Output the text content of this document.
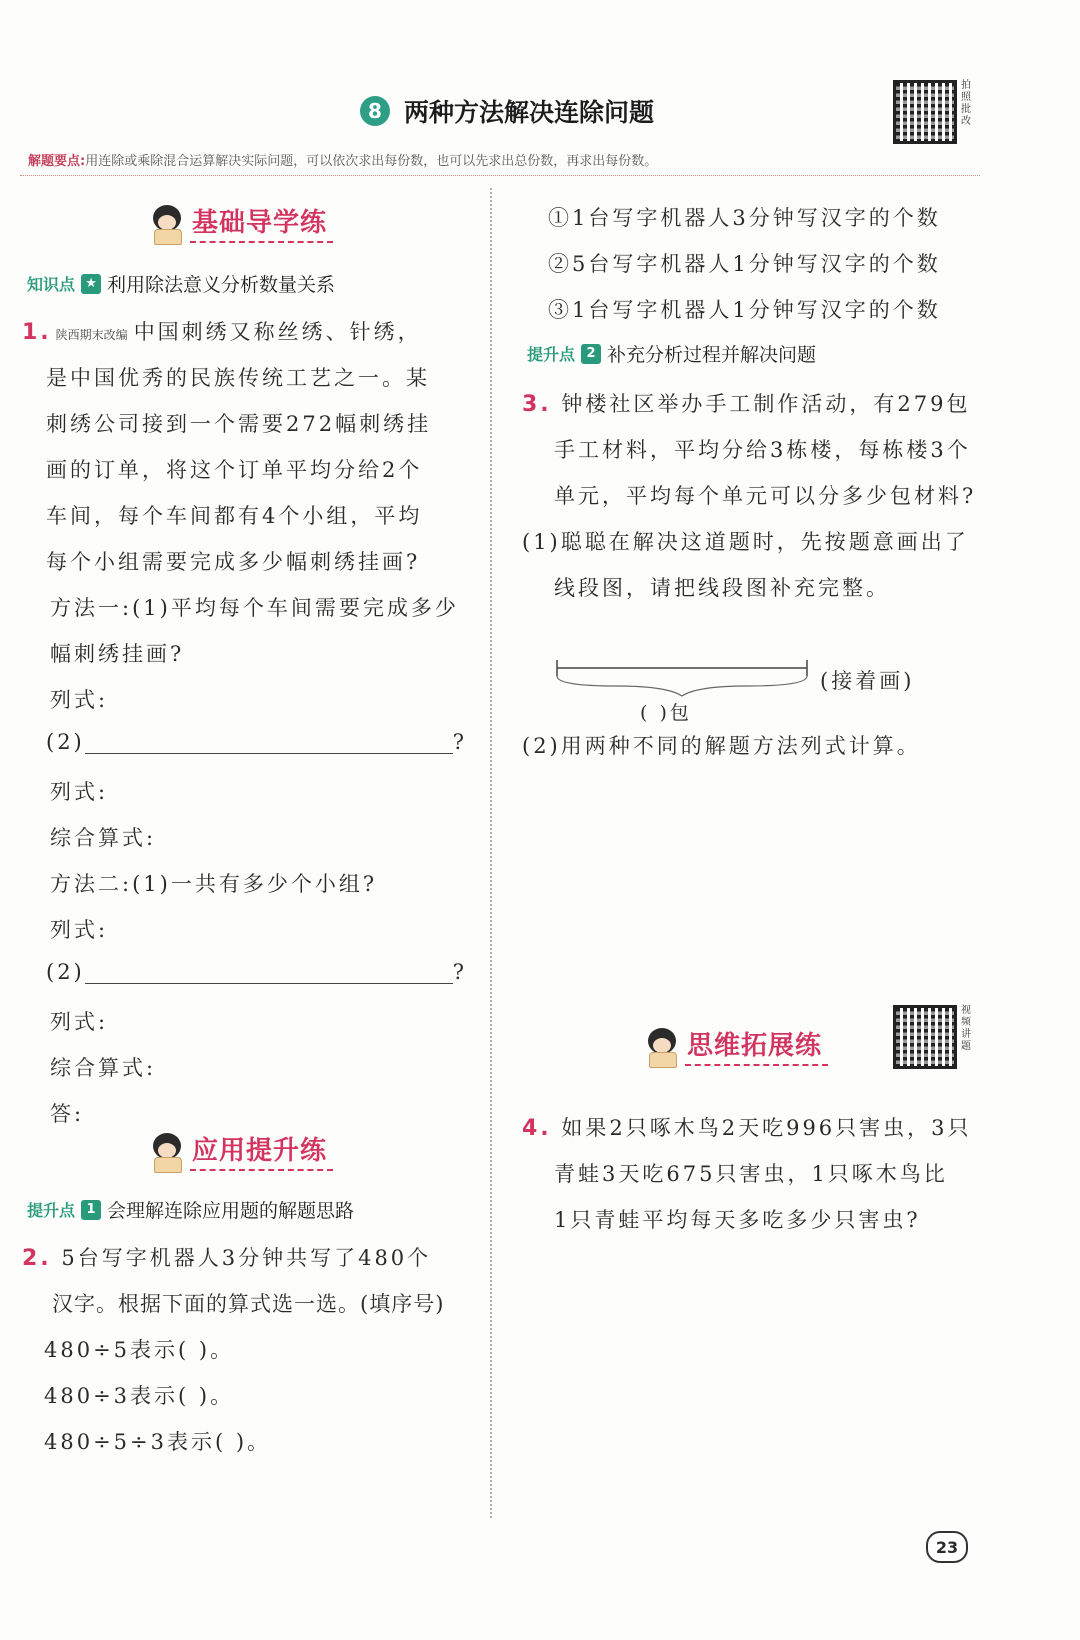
8 两种方法解决连除问题
拍照批改
解题要点:用连除或乘除混合运算解决实际问题，可以依次求出每份数，也可以先求出总份数，再求出每份数。
基础导学练
知识点 ★ 利用除法意义分析数量关系
1. 陕西期末改编 中国刺绣又称丝绣、针绣，
是中国优秀的民族传统工艺之一。某
刺绣公司接到一个需要272幅刺绣挂
画的订单，将这个订单平均分给2个
车间，每个车间都有4个小组，平均
每个小组需要完成多少幅刺绣挂画?
方法一:(1)平均每个车间需要完成多少
幅刺绣挂画?
列式:
(2)	?
列式:
综合算式:
方法二:(1)一共有多少个小组?
列式:
(2)	?
列式:
综合算式:
答:
应用提升练
提升点 1 会理解连除应用题的解题思路
2. 5台写字机器人3分钟共写了480个
汉字。根据下面的算式选一选。(填序号)
480÷5表示( )。
480÷3表示( )。
480÷5÷3表示( )。
①1台写字机器人3分钟写汉字的个数
②5台写字机器人1分钟写汉字的个数
③1台写字机器人1分钟写汉字的个数
提升点 2 补充分析过程并解决问题
3. 钟楼社区举办手工制作活动，有279包
手工材料，平均分给3栋楼，每栋楼3个
单元，平均每个单元可以分多少包材料?
(1)聪聪在解决这道题时，先按题意画出了
线段图，请把线段图补充完整。
(接着画)
( )包
(2)用两种不同的解题方法列式计算。
思维拓展练
视频讲题
4. 如果2只啄木鸟2天吃996只害虫，3只
青蛙3天吃675只害虫，1只啄木鸟比
1只青蛙平均每天多吃多少只害虫?
23
